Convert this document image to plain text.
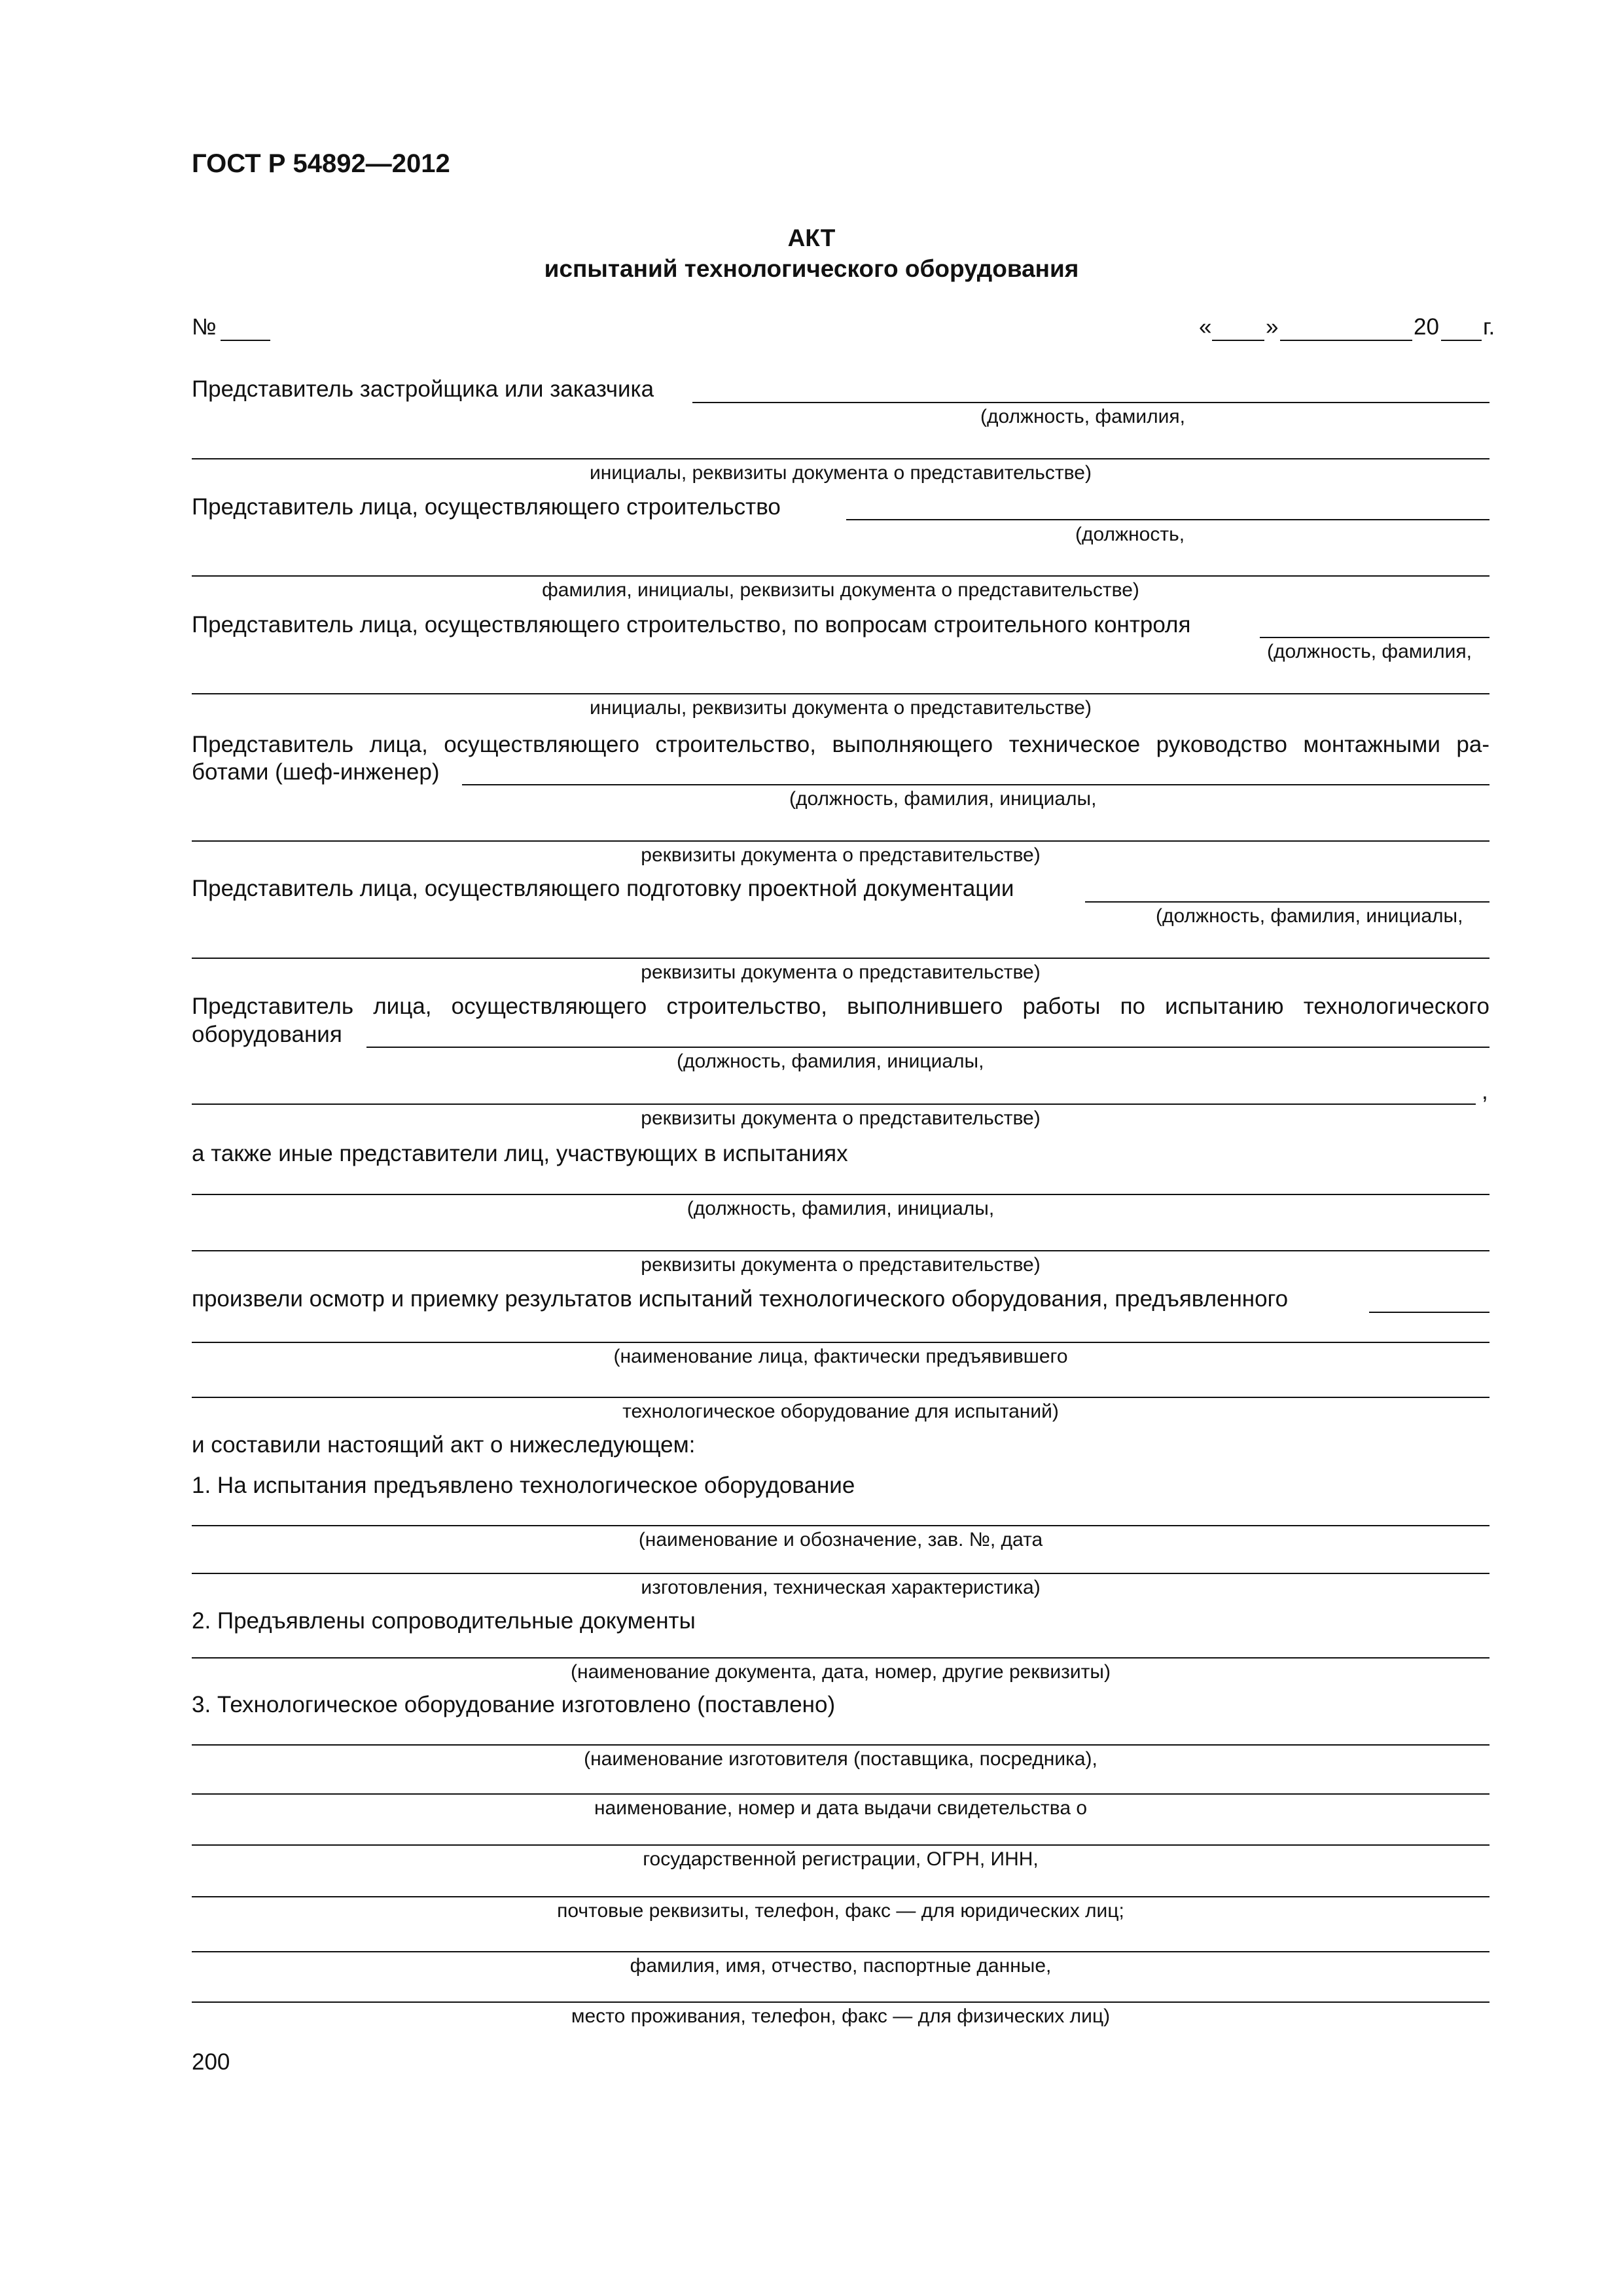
ГОСТ Р 54892—2012
АКТ
испытаний технологического оборудования
№	« »	20 г.
Представитель застройщика или заказчика
(должность, фамилия,
инициалы, реквизиты документа о представительстве)
Представитель лица, осуществляющего строительство
(должность,
фамилия, инициалы, реквизиты документа о представительстве)
Представитель лица, осуществляющего строительство, по вопросам строительного контроля
(должность, фамилия,
инициалы, реквизиты документа о представительстве)
Представитель лица, осуществляющего строительство, выполняющего техническое руководство монтажными ра-
ботами (шеф-инженер)
(должность, фамилия, инициалы,
реквизиты документа о представительстве)
Представитель лица, осуществляющего подготовку проектной документации
(должность, фамилия, инициалы,
реквизиты документа о представительстве)
Представитель лица, осуществляющего строительство, выполнившего работы по испытанию технологического
оборудования
(должность, фамилия, инициалы,
,
реквизиты документа о представительстве)
а также иные представители лиц, участвующих в испытаниях
(должность, фамилия, инициалы,
реквизиты документа о представительстве)
произвели осмотр и приемку результатов испытаний технологического оборудования, предъявленного
(наименование лица, фактически предъявившего
технологическое оборудование для испытаний)
и составили настоящий акт о нижеследующем:
1. На испытания предъявлено технологическое оборудование
(наименование и обозначение, зав. №, дата
изготовления, техническая характеристика)
2. Предъявлены сопроводительные документы
(наименование документа, дата, номер, другие реквизиты)
3. Технологическое оборудование изготовлено (поставлено)
(наименование изготовителя (поставщика, посредника),
наименование, номер и дата выдачи свидетельства о
государственной регистрации, ОГРН, ИНН,
почтовые реквизиты, телефон, факс — для юридических лиц;
фамилия, имя, отчество, паспортные данные,
место проживания, телефон, факс — для физических лиц)
200
